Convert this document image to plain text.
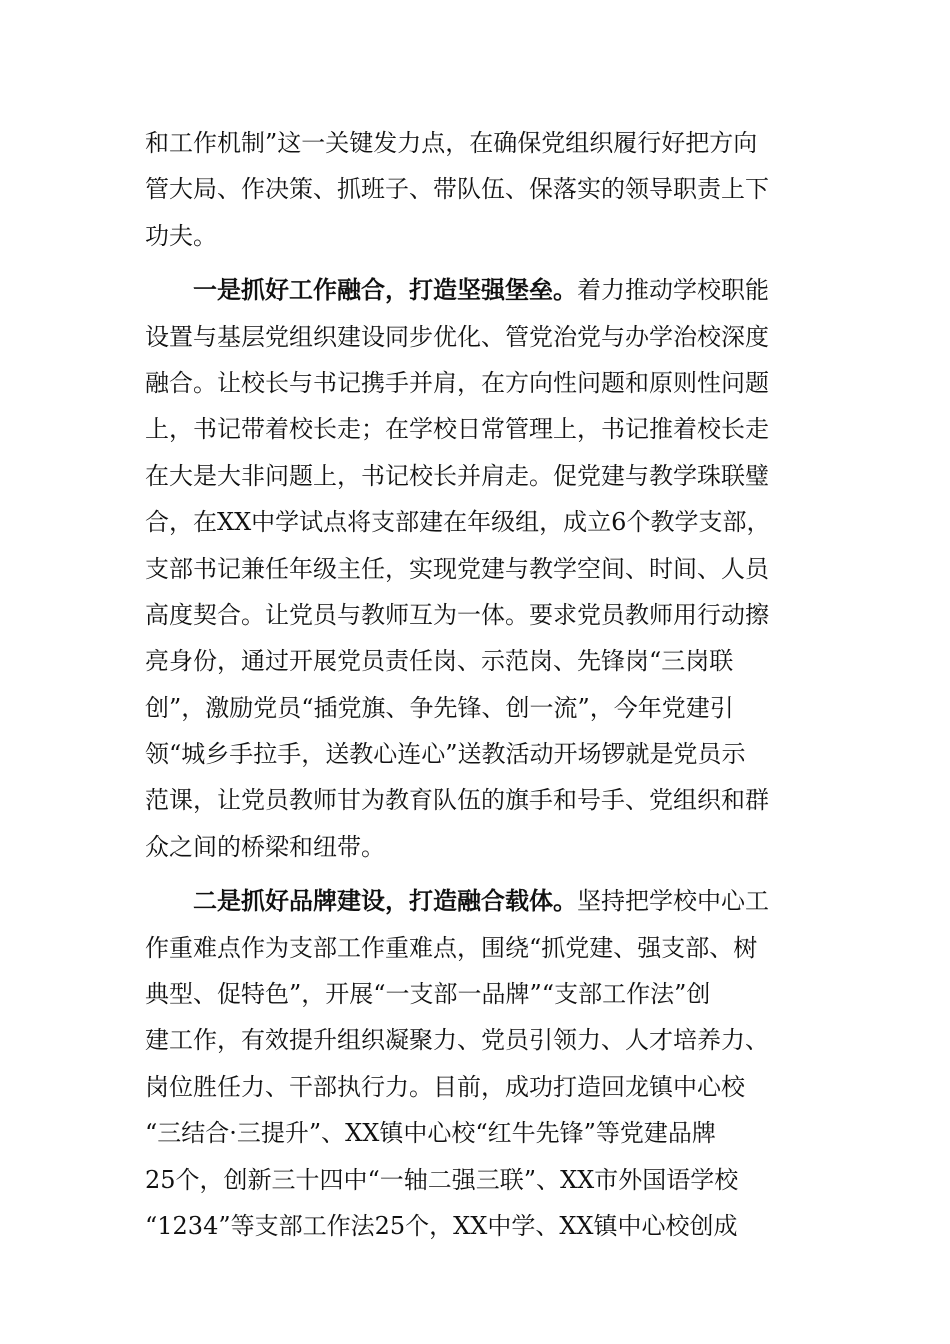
和工作机制”这一关键发力点，在确保党组织履行好把方向
管大局、作决策、抓班子、带队伍、保落实的领导职责上下
功夫。
一是抓好工作融合，打造坚强堡垒。着力推动学校职能
设置与基层党组织建设同步优化、管党治党与办学治校深度
融合。让校长与书记携手并肩，在方向性问题和原则性问题
上，书记带着校长走；在学校日常管理上，书记推着校长走
在大是大非问题上，书记校长并肩走。促党建与教学珠联璧
合，在XX中学试点将支部建在年级组，成立6个教学支部，
支部书记兼任年级主任，实现党建与教学空间、时间、人员
高度契合。让党员与教师互为一体。要求党员教师用行动擦
亮身份，通过开展党员责任岗、示范岗、先锋岗“三岗联
创”，激励党员“插党旗、争先锋、创一流”，今年党建引
领“城乡手拉手，送教心连心”送教活动开场锣就是党员示
范课，让党员教师甘为教育队伍的旗手和号手、党组织和群
众之间的桥梁和纽带。
二是抓好品牌建设，打造融合载体。坚持把学校中心工
作重难点作为支部工作重难点，围绕“抓党建、强支部、树
典型、促特色”，开展“一支部一品牌”“支部工作法”创
建工作，有效提升组织凝聚力、党员引领力、人才培养力、
岗位胜任力、干部执行力。目前，成功打造回龙镇中心校
“三结合·三提升”、XX镇中心校“红牛先锋”等党建品牌
25个，创新三十四中“一轴二强三联”、XX市外国语学校
“1234”等支部工作法25个，XX中学、XX镇中心校创成
